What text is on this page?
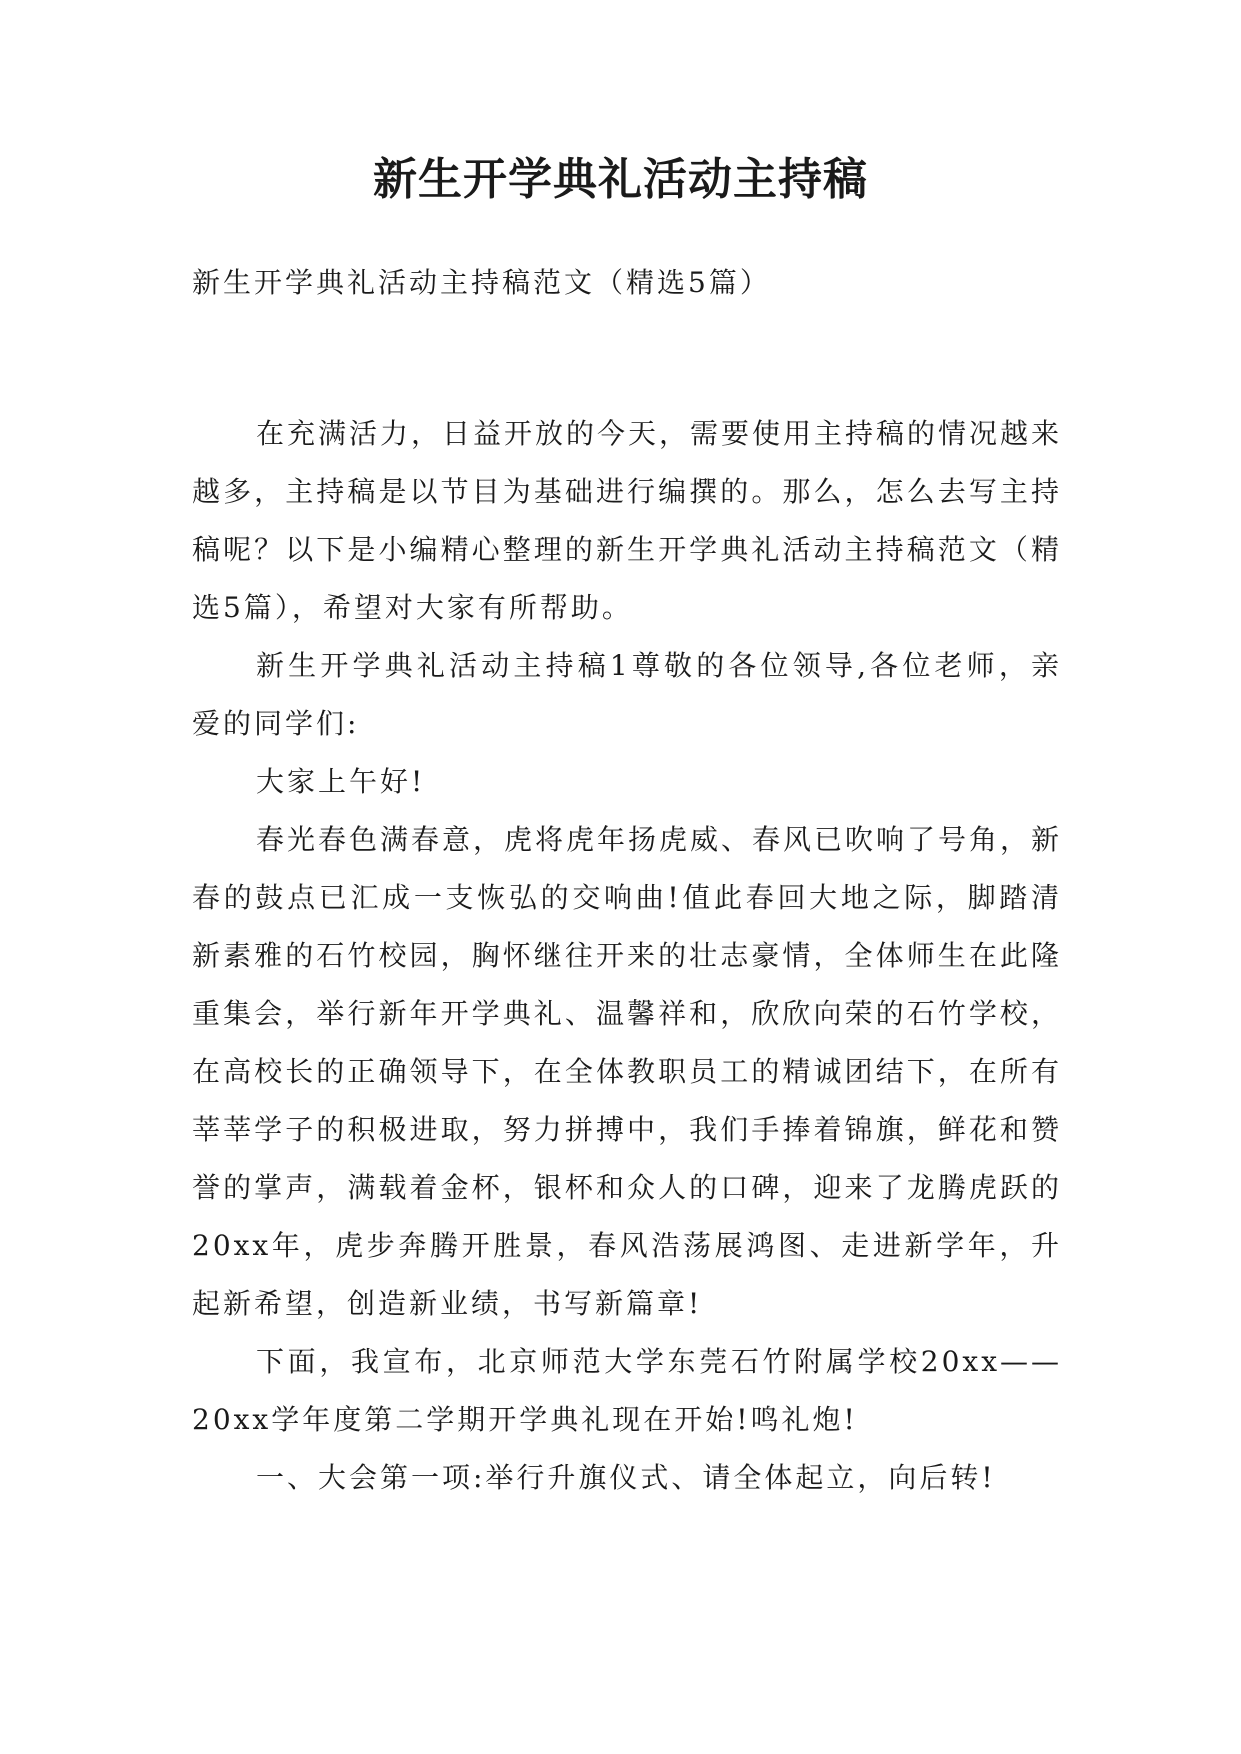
新生开学典礼活动主持稿

新生开学典礼活动主持稿范文（精选5篇）

在充满活力，日益开放的今天，需要使用主持稿的情况越来越多，主持稿是以节目为基础进行编撰的。那么，怎么去写主持稿呢？以下是小编精心整理的新生开学典礼活动主持稿范文（精选5篇），希望对大家有所帮助。

新生开学典礼活动主持稿1尊敬的各位领导,各位老师，亲爱的同学们:

大家上午好!

春光春色满春意，虎将虎年扬虎威、春风已吹响了号角，新春的鼓点已汇成一支恢弘的交响曲!值此春回大地之际，脚踏清新素雅的石竹校园，胸怀继往开来的壮志豪情，全体师生在此隆重集会，举行新年开学典礼、温馨祥和，欣欣向荣的石竹学校，在高校长的正确领导下，在全体教职员工的精诚团结下，在所有莘莘学子的积极进取，努力拼搏中，我们手捧着锦旗，鲜花和赞誉的掌声，满载着金杯，银杯和众人的口碑，迎来了龙腾虎跃的20xx年，虎步奔腾开胜景，春风浩荡展鸿图、走进新学年，升起新希望，创造新业绩，书写新篇章!

下面，我宣布，北京师范大学东莞石竹附属学校20xx——20xx学年度第二学期开学典礼现在开始!鸣礼炮!

一、大会第一项:举行升旗仪式、请全体起立，向后转!
